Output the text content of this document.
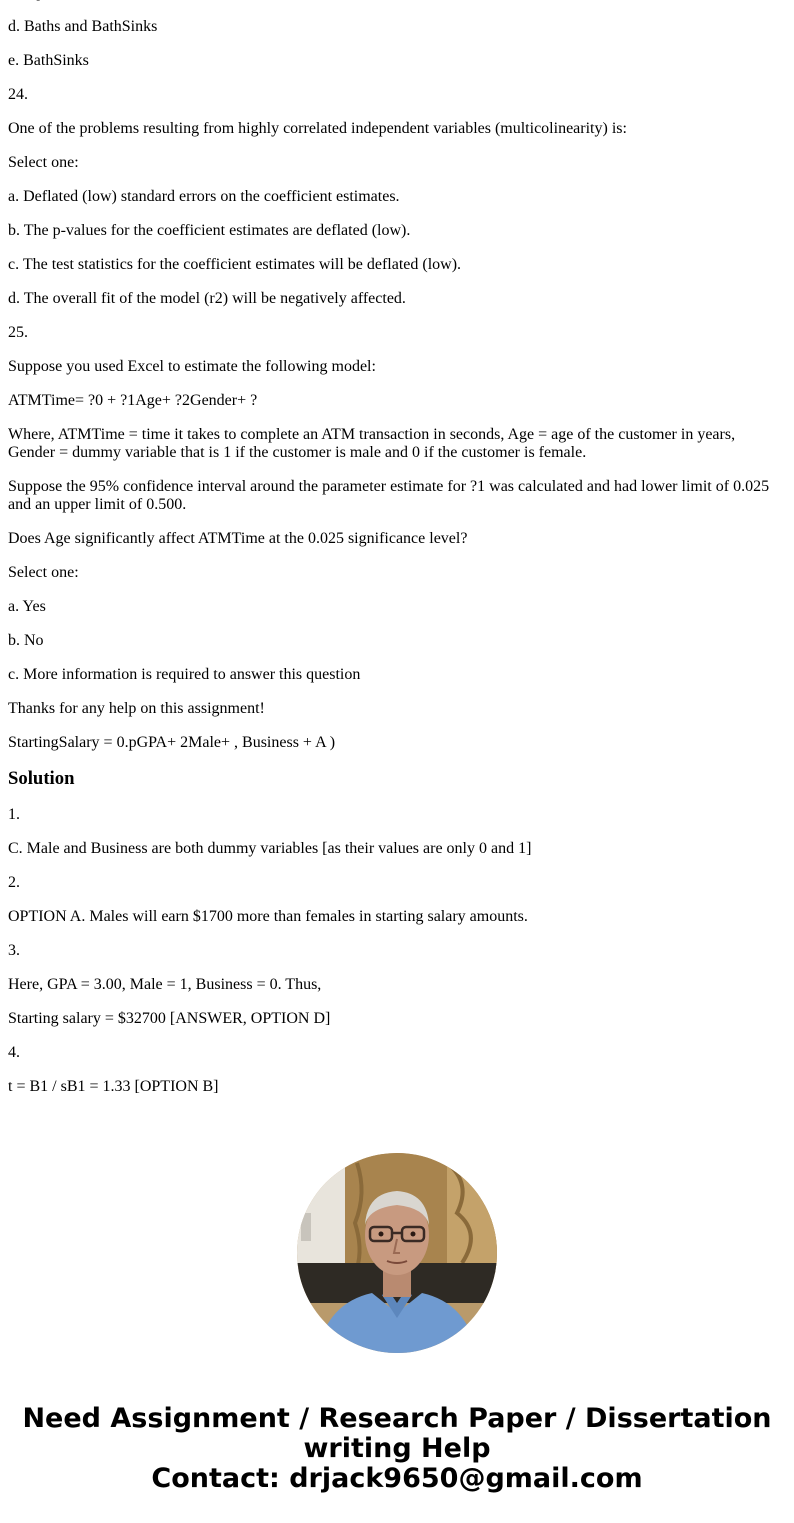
d. Baths and BathSinks

e. BathSinks

24.

One of the problems resulting from highly correlated independent variables (multicolinearity) is:

Select one:

a. Deflated (low) standard errors on the coefficient estimates.

b. The p-values for the coefficient estimates are deflated (low).

c. The test statistics for the coefficient estimates will be deflated (low).

d. The overall fit of the model (r2) will be negatively affected.

25.

Suppose you used Excel to estimate the following model:

ATMTime= ?0 + ?1Age+ ?2Gender+ ?

Where, ATMTime = time it takes to complete an ATM transaction in seconds, Age = age of the customer in years, Gender = dummy variable that is 1 if the customer is male and 0 if the customer is female.

Suppose the 95% confidence interval around the parameter estimate for ?1 was calculated and had lower limit of 0.025 and an upper limit of 0.500.

Does Age significantly affect ATMTime at the 0.025 significance level?

Select one:

a. Yes

b. No

c. More information is required to answer this question

Thanks for any help on this assignment!

StartingSalary = 0.pGPA+ 2Male+ , Business + A )

Solution

1.

C. Male and Business are both dummy variables [as their values are only 0 and 1]

2.

OPTION A. Males will earn $1700 more than females in starting salary amounts.

3.

Here, GPA = 3.00, Male = 1, Business = 0. Thus,

Starting salary = $32700 [ANSWER, OPTION D]

4.

t = B1 / sB1 = 1.33 [OPTION B]

Need Assignment / Research Paper / Dissertation
writing Help
Contact: drjack9650@gmail.com
